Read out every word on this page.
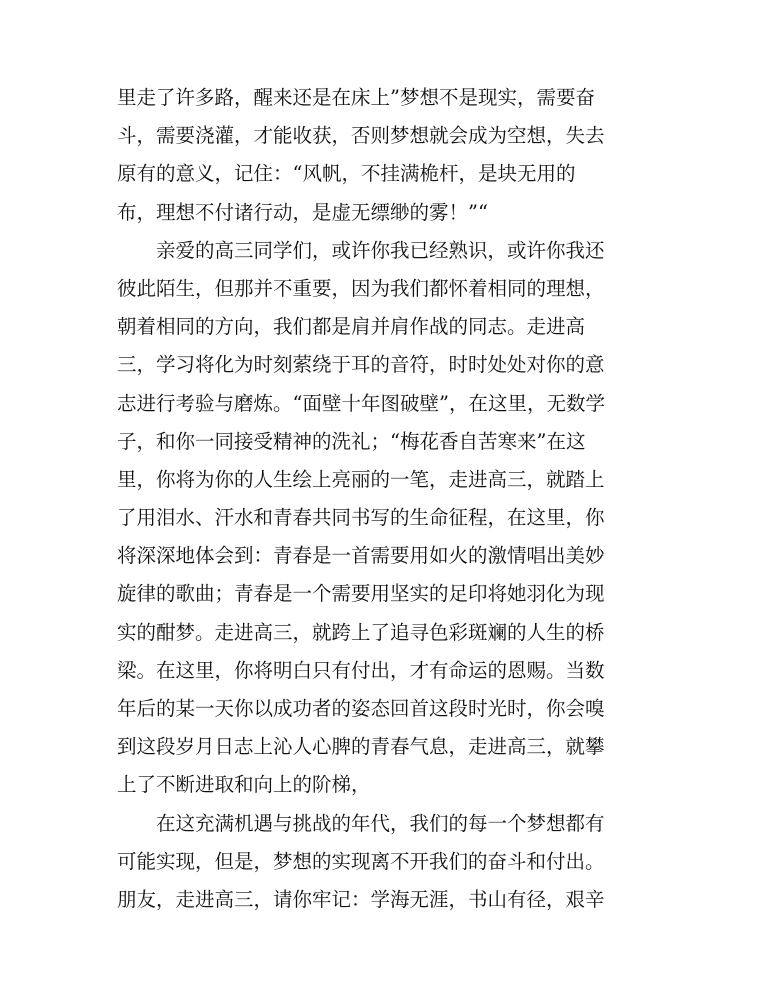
里走了许多路，醒来还是在床上”梦想不是现实，需要奋
斗，需要浇灌，才能收获，否则梦想就会成为空想，失去
原有的意义，记住：“风帆，不挂满桅杆，是块无用的
布，理想不付诸行动，是虚无缥缈的雾！”“
亲爱的高三同学们，或许你我已经熟识，或许你我还
彼此陌生，但那并不重要，因为我们都怀着相同的理想，
朝着相同的方向，我们都是肩并肩作战的同志。走进高
三，学习将化为时刻萦绕于耳的音符，时时处处对你的意
志进行考验与磨炼。“面壁十年图破壁”，在这里，无数学
子，和你一同接受精神的洗礼；“梅花香自苦寒来”在这
里，你将为你的人生绘上亮丽的一笔，走进高三，就踏上
了用泪水、汗水和青春共同书写的生命征程，在这里，你
将深深地体会到：青春是一首需要用如火的激情唱出美妙
旋律的歌曲；青春是一个需要用坚实的足印将她羽化为现
实的酣梦。走进高三，就跨上了追寻色彩斑斓的人生的桥
梁。在这里，你将明白只有付出，才有命运的恩赐。当数
年后的某一天你以成功者的姿态回首这段时光时，你会嗅
到这段岁月日志上沁人心脾的青春气息，走进高三，就攀
上了不断进取和向上的阶梯，
在这充满机遇与挑战的年代，我们的每一个梦想都有
可能实现，但是，梦想的实现离不开我们的奋斗和付出。
朋友，走进高三，请你牢记：学海无涯，书山有径，艰辛
